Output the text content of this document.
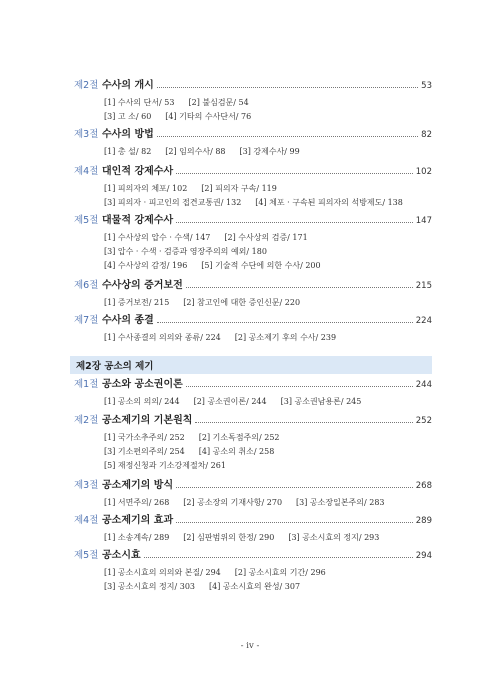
제2절 수사의 개시	53
[1] 수사의 단서/ 53 [2] 불심검문/ 54
[3] 고 소/ 60 [4] 기타의 수사단서/ 76
제3절 수사의 방법	82
[1] 총 설/ 82 [2] 임의수사/ 88 [3] 강제수사/ 99
제4절 대인적 강제수사	102
[1] 피의자의 체포/ 102 [2] 피의자 구속/ 119
[3] 피의자 · 피고인의 접견교통권/ 132 [4] 체포 · 구속된 피의자의 석방제도/ 138
제5절 대물적 강제수사	147
[1] 수사상의 압수 · 수색/ 147 [2] 수사상의 검증/ 171
[3] 압수 · 수색 · 검증과 영장주의의 예외/ 180
[4] 수사상의 감정/ 196 [5] 기술적 수단에 의한 수사/ 200
제6절 수사상의 증거보전	215
[1] 증거보전/ 215 [2] 참고인에 대한 증인신문/ 220
제7절 수사의 종결	224
[1] 수사종결의 의의와 종류/ 224 [2] 공소제기 후의 수사/ 239
제2장 공소의 제기
제1절 공소와 공소권이론	244
[1] 공소의 의의/ 244 [2] 공소권이론/ 244 [3] 공소권남용론/ 245
제2절 공소제기의 기본원칙	252
[1] 국가소추주의/ 252 [2] 기소독점주의/ 252
[3] 기소편의주의/ 254 [4] 공소의 취소/ 258
[5] 재정신청과 기소강제절차/ 261
제3절 공소제기의 방식	268
[1] 서면주의/ 268 [2] 공소장의 기재사항/ 270 [3] 공소장일본주의/ 283
제4절 공소제기의 효과	289
[1] 소송계속/ 289 [2] 심판범위의 한정/ 290 [3] 공소시효의 정지/ 293
제5절 공소시효	294
[1] 공소시효의 의의와 본질/ 294 [2] 공소시효의 기간/ 296
[3] 공소시효의 정지/ 303 [4] 공소시효의 완성/ 307
- iv -
